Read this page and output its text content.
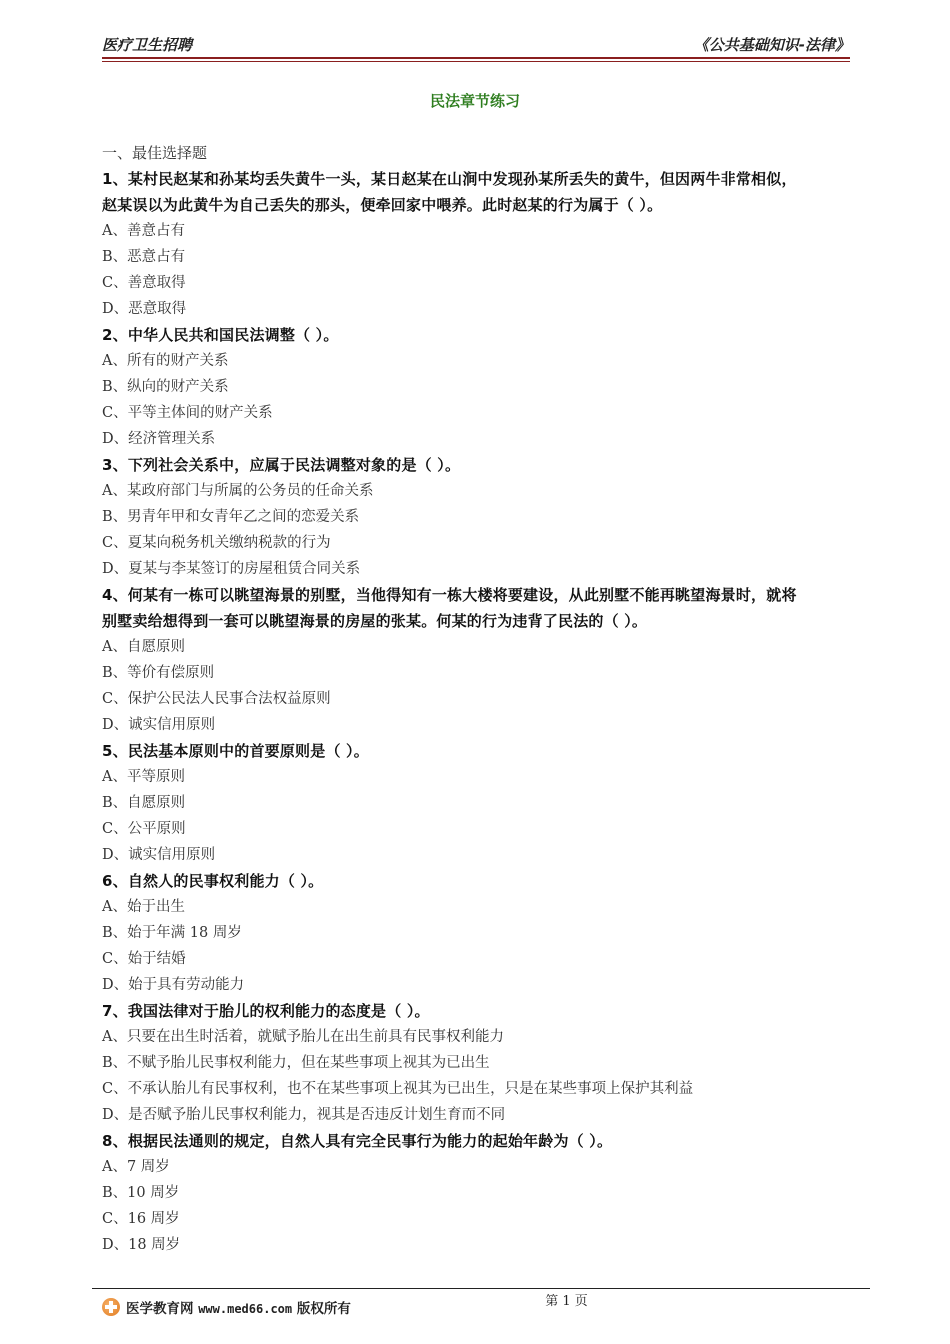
医疗卫生招聘	《公共基础知识-法律》
民法章节练习
一、最佳选择题
1、某村民赵某和孙某均丢失黄牛一头，某日赵某在山涧中发现孙某所丢失的黄牛，但因两牛非常相似，
赵某误以为此黄牛为自己丢失的那头，便牵回家中喂养。此时赵某的行为属于（ ）。
A、善意占有
B、恶意占有
C、善意取得
D、恶意取得
2、中华人民共和国民法调整（ ）。
A、所有的财产关系
B、纵向的财产关系
C、平等主体间的财产关系
D、经济管理关系
3、下列社会关系中，应属于民法调整对象的是（ ）。
A、某政府部门与所属的公务员的任命关系
B、男青年甲和女青年乙之间的恋爱关系
C、夏某向税务机关缴纳税款的行为
D、夏某与李某签订的房屋租赁合同关系
4、何某有一栋可以眺望海景的别墅，当他得知有一栋大楼将要建设，从此别墅不能再眺望海景时，就将
别墅卖给想得到一套可以眺望海景的房屋的张某。何某的行为违背了民法的（ ）。
A、自愿原则
B、等价有偿原则
C、保护公民法人民事合法权益原则
D、诚实信用原则
5、民法基本原则中的首要原则是（ ）。
A、平等原则
B、自愿原则
C、公平原则
D、诚实信用原则
6、自然人的民事权利能力（ ）。
A、始于出生
B、始于年满 18 周岁
C、始于结婚
D、始于具有劳动能力
7、我国法律对于胎儿的权利能力的态度是（ ）。
A、只要在出生时活着，就赋予胎儿在出生前具有民事权利能力
B、不赋予胎儿民事权利能力，但在某些事项上视其为已出生
C、不承认胎儿有民事权利，也不在某些事项上视其为已出生，只是在某些事项上保护其利益
D、是否赋予胎儿民事权利能力，视其是否违反计划生育而不同
8、根据民法通则的规定，自然人具有完全民事行为能力的起始年龄为（ ）。
A、7 周岁
B、10 周岁
C、16 周岁
D、18 周岁
第 1 页
医学教育网 www.med66.com 版权所有
